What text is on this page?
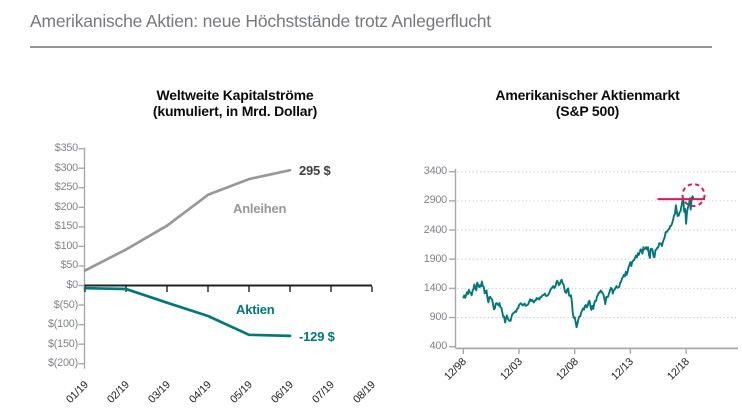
Amerikanische Aktien: neue Höchststände trotz Anlegerflucht
Weltweite Kapitalströme
(kumuliert, in Mrd. Dollar)
Amerikanischer Aktienmarkt
(S&P 500)
Anleihen
295 $
Aktien
-129 $
$350
$300
$250
$200
$150
$100
$50
$0
$(50)
$(100)
$(150)
$(200)
01/19	02/19	03/19	04/19	05/19	06/19	07/19	08/19
3400
2900
2400
1900
1400
900
400
12/98	12/03	12/08	12/13	12/18
